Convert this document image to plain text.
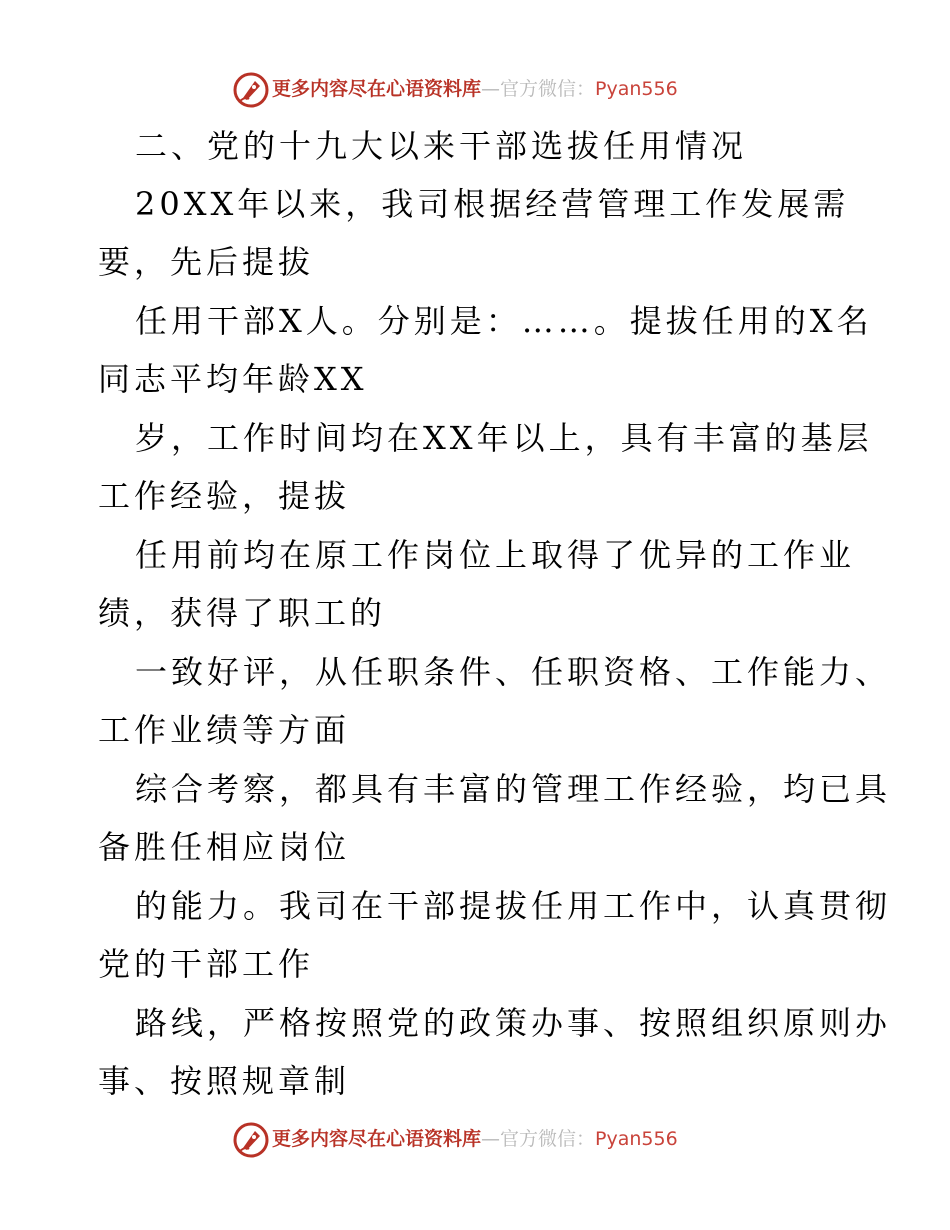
更多内容尽在心语资料库—官方微信：Pyan556
二、党的十九大以来干部选拔任用情况
20XX年以来，我司根据经营管理工作发展需
要，先后提拔
任用干部X人。分别是：……。提拔任用的X名
同志平均年龄XX
岁，工作时间均在XX年以上，具有丰富的基层
工作经验，提拔
任用前均在原工作岗位上取得了优异的工作业
绩，获得了职工的
一致好评，从任职条件、任职资格、工作能力、
工作业绩等方面
综合考察，都具有丰富的管理工作经验，均已具
备胜任相应岗位
的能力。我司在干部提拔任用工作中，认真贯彻
党的干部工作
路线，严格按照党的政策办事、按照组织原则办
事、按照规章制
更多内容尽在心语资料库—官方微信：Pyan556
